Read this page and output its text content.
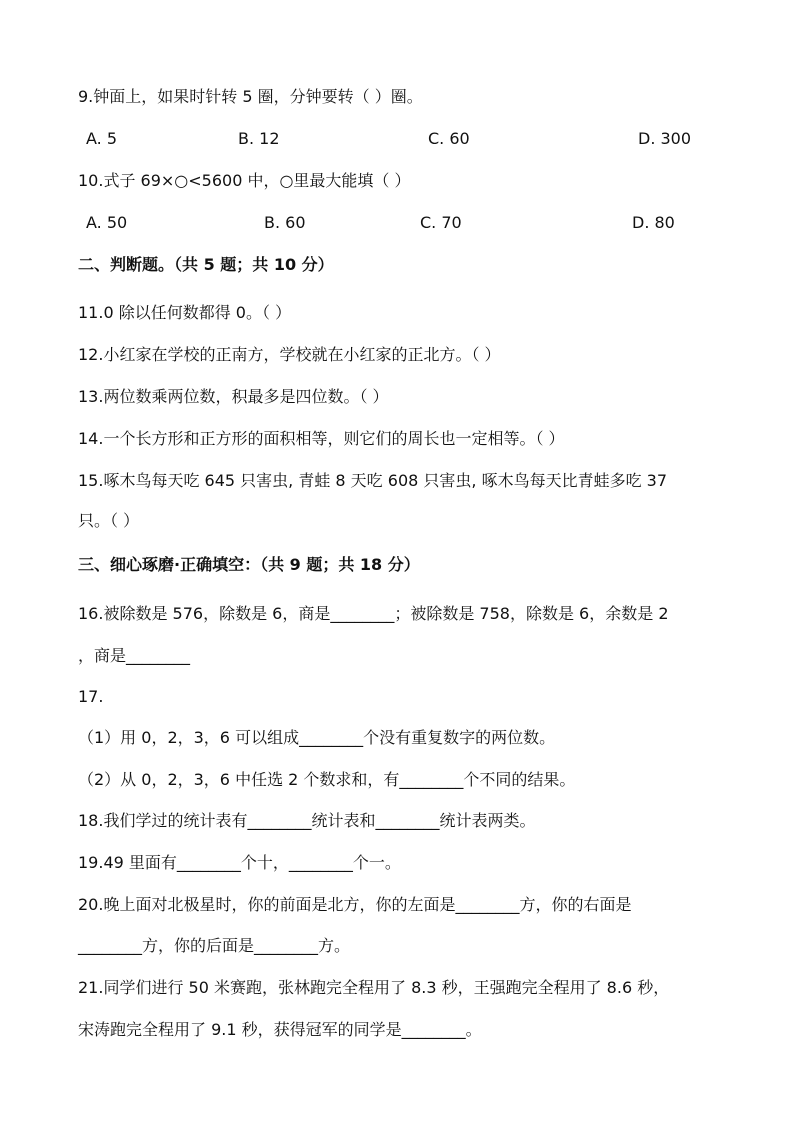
9.钟面上，如果时针转 5 圈，分钟要转（ ）圈。
A. 5	B. 12	C. 60	D. 300
10.式子 69×○<5600 中，○里最大能填（ ）
A. 50	B. 60	C. 70	D. 80
二、判断题。（共 5 题；共 10 分）
11.0 除以任何数都得 0。（ ）
12.小红家在学校的正南方，学校就在小红家的正北方。（ ）
13.两位数乘两位数，积最多是四位数。（ ）
14.一个长方形和正方形的面积相等，则它们的周长也一定相等。（ ）
15.啄木鸟每天吃 645 只害虫, 青蛙 8 天吃 608 只害虫, 啄木鸟每天比青蛙多吃 37
只。（ ）
三、细心琢磨·正确填空：（共 9 题；共 18 分）
16.被除数是 576，除数是 6，商是________；被除数是 758，除数是 6，余数是 2
，商是________
17.
（1）用 0，2，3，6 可以组成________个没有重复数字的两位数。
（2）从 0，2，3，6 中任选 2 个数求和，有________个不同的结果。
18.我们学过的统计表有________统计表和________统计表两类。
19.49 里面有________个十，________个一。
20.晚上面对北极星时，你的前面是北方，你的左面是________方，你的右面是
________方，你的后面是________方。
21.同学们进行 50 米赛跑，张林跑完全程用了 8.3 秒，王强跑完全程用了 8.6 秒，
宋涛跑完全程用了 9.1 秒，获得冠军的同学是________。
